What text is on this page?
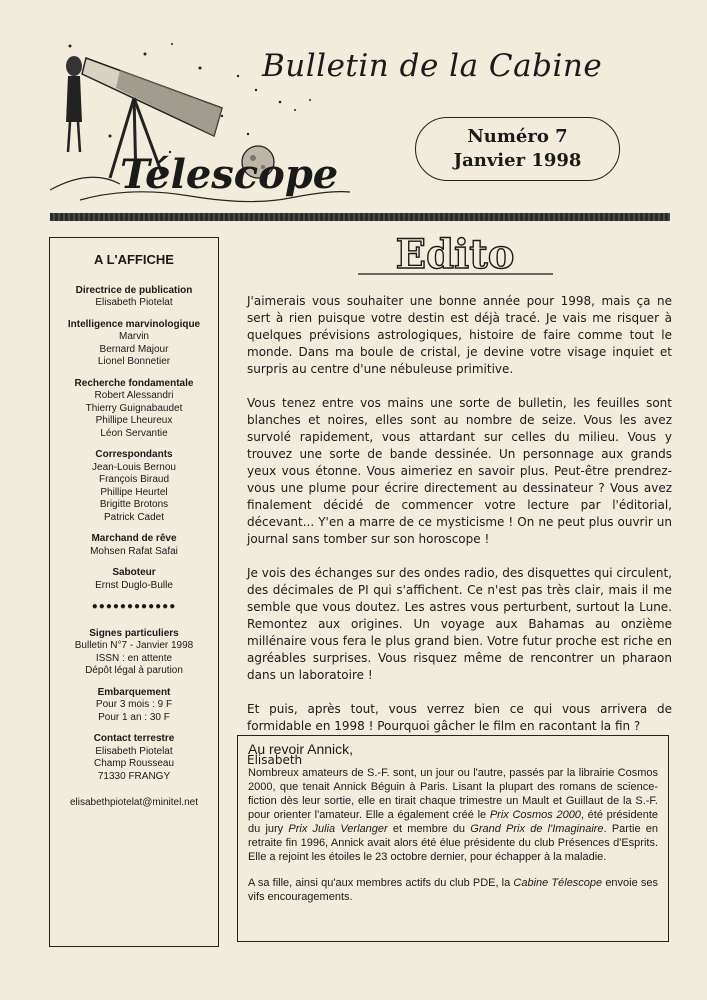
Télescope
Bulletin de la Cabine
Numéro 7
Janvier 1998
A L'AFFICHE
Directrice de publication
Elisabeth Piotelat
Intelligence marvinologique
Marvin
Bernard Majour
Lionel Bonnetier
Recherche fondamentale
Robert Alessandri
Thierry Guignabaudet
Phillipe Lheureux
Léon Servantie
Correspondants
Jean-Louis Bernou
François Biraud
Phillipe Heurtel
Brigitte Brotons
Patrick Cadet
Marchand de rêve
Mohsen Rafat Safai
Saboteur
Ernst Duglo-Bulle
●●●●●●●●●●●●
Signes particuliers
Bulletin N°7 - Janvier 1998
ISSN : en attente
Dépôt légal à parution
Embarquement
Pour 3 mois : 9 F
Pour 1 an : 30 F
Contact terrestre
Elisabeth Piotelat
Champ Rousseau
71330 FRANGY
elisabethpiotelat@minitel.net
Edito

J'aimerais vous souhaiter une bonne année pour 1998, mais ça ne sert à rien puisque votre destin est déjà tracé. Je vais me risquer à quelques prévisions astrologiques, histoire de faire comme tout le monde. Dans ma boule de cristal, je devine votre visage inquiet et surpris au centre d'une nébuleuse primitive.

Vous tenez entre vos mains une sorte de bulletin, les feuilles sont blanches et noires, elles sont au nombre de seize. Vous les avez survolé rapidement, vous attardant sur celles du milieu. Vous y trouvez une sorte de bande dessinée. Un personnage aux grands yeux vous étonne. Vous aimeriez en savoir plus. Peut-être prendrez-vous une plume pour écrire directement au dessinateur ? Vous avez finalement décidé de commencer votre lecture par l'éditorial, décevant... Y'en a marre de ce mysticisme ! On ne peut plus ouvrir un journal sans tomber sur son horoscope !

Je vois des échanges sur des ondes radio, des disquettes qui circulent, des décimales de PI qui s'affichent. Ce n'est pas très clair, mais il me semble que vous doutez. Les astres vous perturbent, surtout la Lune. Remontez aux origines. Un voyage aux Bahamas au onzième millénaire vous fera le plus grand bien. Votre futur proche est riche en agréables surprises. Vous risquez même de rencontrer un pharaon dans un laboratoire !

Et puis, après tout, vous verrez bien ce qui vous arrivera de formidable en 1998 ! Pourquoi gâcher le film en racontant la fin ?

Elisabeth

Au revoir Annick,

Nombreux amateurs de S.-F. sont, un jour ou l'autre, passés par la librairie Cosmos 2000, que tenait Annick Béguin à Paris. Lisant la plupart des romans de science-fiction dès leur sortie, elle en tirait chaque trimestre un Mault et Guillaut de la S.-F. pour orienter l'amateur. Elle a également créé le Prix Cosmos 2000, été présidente du jury Prix Julia Verlanger et membre du Grand Prix de l'Imaginaire. Partie en retraite fin 1996, Annick avait alors été élue présidente du club Présences d'Esprits. Elle a rejoint les étoiles le 23 octobre dernier, pour échapper à la maladie.

A sa fille, ainsi qu'aux membres actifs du club PDE, la Cabine Télescope envoie ses vifs encouragements.
